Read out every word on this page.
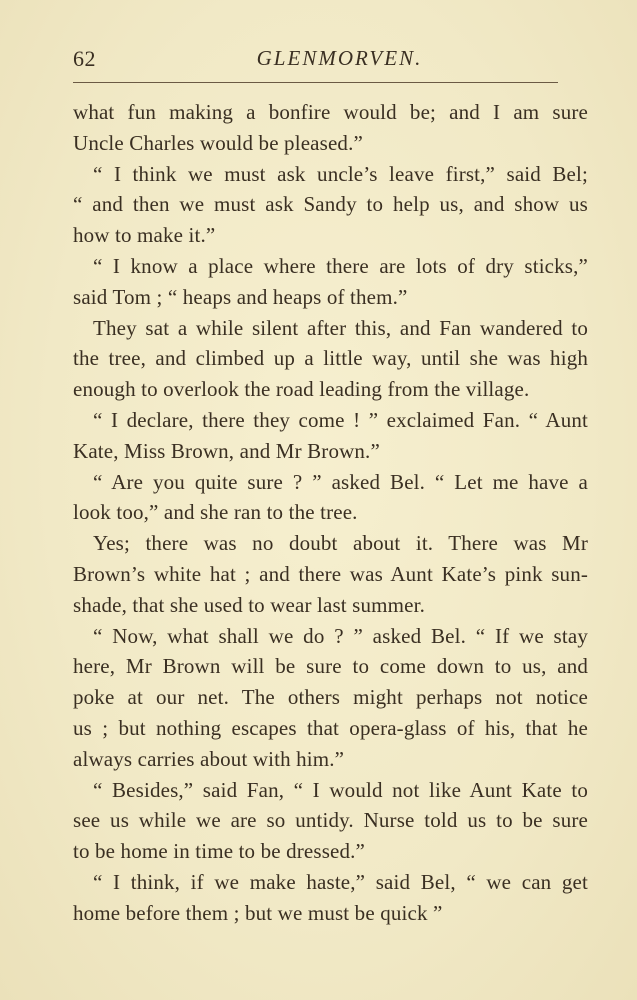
62	GLENMORVEN.
what fun making a bonfire would be; and I am sure
Uncle Charles would be pleased.”
“ I think we must ask uncle’s leave first,” said Bel;
“ and then we must ask Sandy to help us, and show us
how to make it.”
“ I know a place where there are lots of dry sticks,”
said Tom ; “ heaps and heaps of them.”
They sat a while silent after this, and Fan wandered to
the tree, and climbed up a little way, until she was high
enough to overlook the road leading from the village.
“ I declare, there they come ! ” exclaimed Fan. “ Aunt
Kate, Miss Brown, and Mr Brown.”
“ Are you quite sure ? ” asked Bel. “ Let me have a
look too,” and she ran to the tree.
Yes; there was no doubt about it. There was Mr
Brown’s white hat ; and there was Aunt Kate’s pink sun-
shade, that she used to wear last summer.
“ Now, what shall we do ? ” asked Bel. “ If we stay
here, Mr Brown will be sure to come down to us, and
poke at our net. The others might perhaps not notice
us ; but nothing escapes that opera-glass of his, that he
always carries about with him.”
“ Besides,” said Fan, “ I would not like Aunt Kate to
see us while we are so untidy. Nurse told us to be sure
to be home in time to be dressed.”
“ I think, if we make haste,” said Bel, “ we can get
home before them ; but we must be quick ”
